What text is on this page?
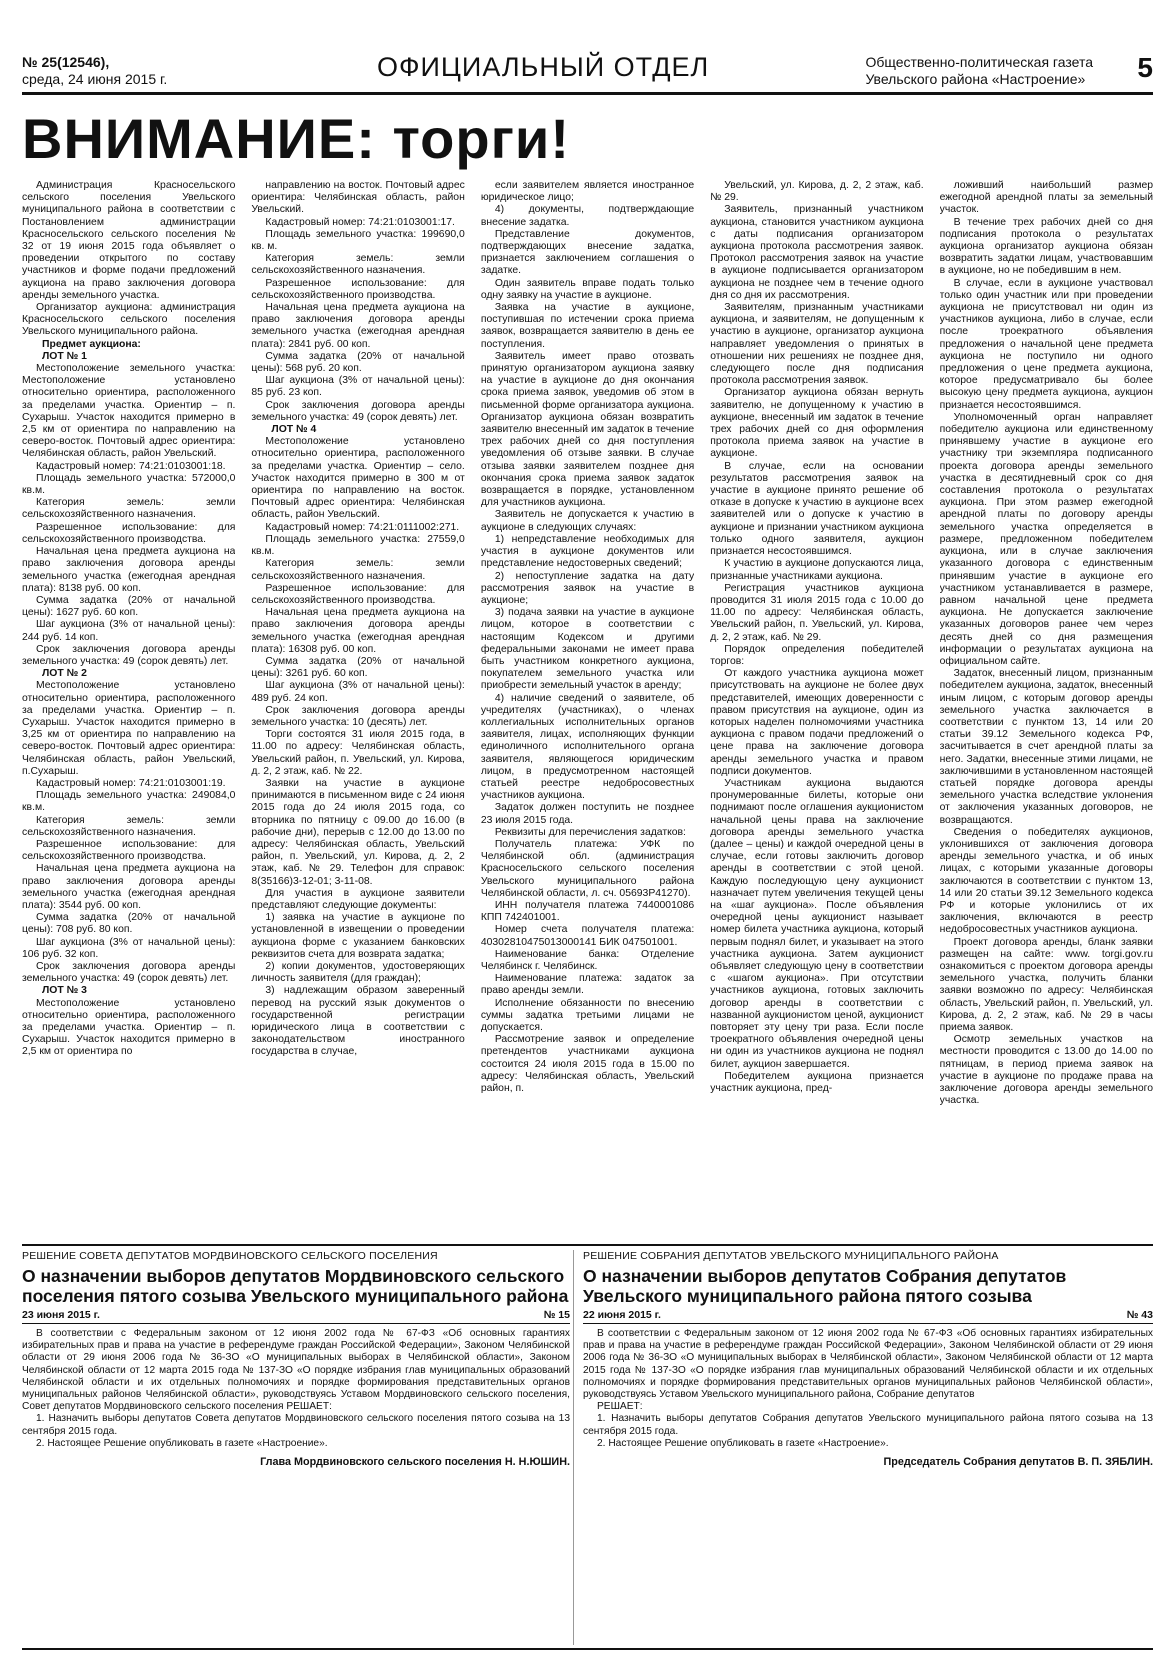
№ 25(12546),
среда, 24 июня 2015 г.	ОФИЦИАЛЬНЫЙ ОТДЕЛ	Общественно-политическая газета
Увельского района «Настроение» 5
ВНИМАНИЕ: торги!

Администрация Красносельского сельского поселения Увельского муниципального района в соответствии с Постановлением администрации Красносельского сельского поселения № 32 от 19 июня 2015 года объявляет о проведении открытого по составу участников и форме подачи предложений аукциона на право заключения договора аренды земельного участка.

Организатор аукциона: администрация Красносельского сельского поселения Увельского муниципального района.

Предмет аукциона:

ЛОТ № 1

Местоположение земельного участка: Местоположение установлено относительно ориентира, расположенного за пределами участка. Ориентир – п. Сухарыш. Участок находится примерно в 2,5 км от ориентира по направлению на северо-восток. Почтовый адрес ориентира: Челябинская область, район Увельский.

Кадастровый номер: 74:21:0103001:18.

Площадь земельного участка: 572000,0 кв.м.

Категория земель: земли сельскохозяйственного назначения.

Разрешенное использование: для сельскохозяйственного производства.

Начальная цена предмета аукциона на право заключения договора аренды земельного участка (ежегодная арендная плата): 8138 руб. 00 коп.

Сумма задатка (20% от начальной цены): 1627 руб. 60 коп.

Шаг аукциона (3% от начальной цены): 244 руб. 14 коп.

Срок заключения договора аренды земельного участка: 49 (сорок девять) лет.

ЛОТ № 2

Местоположение установлено относительно ориентира, расположенного за пределами участка. Ориентир – п. Сухарыш. Участок находится примерно в 3,25 км от ориентира по направлению на северо-восток. Почтовый адрес ориентира: Челябинская область, район Увельский, п.Сухарыш.

Кадастровый номер: 74:21:0103001:19.

Площадь земельного участка: 249084,0 кв.м.

Категория земель: земли сельскохозяйственного назначения.

Разрешенное использование: для сельскохозяйственного производства.

Начальная цена предмета аукциона на право заключения договора аренды земельного участка (ежегодная арендная плата): 3544 руб. 00 коп.

Сумма задатка (20% от начальной цены): 708 руб. 80 коп.

Шаг аукциона (3% от начальной цены): 106 руб. 32 коп.

Срок заключения договора аренды земельного участка: 49 (сорок девять) лет.

ЛОТ № 3

Местоположение установлено относительно ориентира, расположенного за пределами участка. Ориентир – п. Сухарыш. Участок находится примерно в 2,5 км от ориентира по

направлению на восток. Почтовый адрес ориентира: Челябинская область, район Увельский.

Кадастровый номер: 74:21:0103001:17.

Площадь земельного участка: 199690,0 кв. м.

Категория земель: земли сельскохозяйственного назначения.

Разрешенное использование: для сельскохозяйственного производства.

Начальная цена предмета аукциона на право заключения договора аренды земельного участка (ежегодная арендная плата): 2841 руб. 00 коп.

Сумма задатка (20% от начальной цены): 568 руб. 20 коп.

Шаг аукциона (3% от начальной цены): 85 руб. 23 коп.

Срок заключения договора аренды земельного участка: 49 (сорок девять) лет.

ЛОТ № 4

Местоположение установлено относительно ориентира, расположенного за пределами участка. Ориентир – село. Участок находится примерно в 300 м от ориентира по направлению на восток. Почтовый адрес ориентира: Челябинская область, район Увельский.

Кадастровый номер: 74:21:0111002:271.

Площадь земельного участка: 27559,0 кв.м.

Категория земель: земли сельскохозяйственного назначения.

Разрешенное использование: для сельскохозяйственного производства.

Начальная цена предмета аукциона на право заключения договора аренды земельного участка (ежегодная арендная плата): 16308 руб. 00 коп.

Сумма задатка (20% от начальной цены): 3261 руб. 60 коп.

Шаг аукциона (3% от начальной цены): 489 руб. 24 коп.

Срок заключения договора аренды земельного участка: 10 (десять) лет.

Торги состоятся 31 июля 2015 года, в 11.00 по адресу: Челябинская область, Увельский район, п. Увельский, ул. Кирова, д. 2, 2 этаж, каб. № 22.

Заявки на участие в аукционе принимаются в письменном виде с 24 июня 2015 года до 24 июля 2015 года, со вторника по пятницу с 09.00 до 16.00 (в рабочие дни), перерыв с 12.00 до 13.00 по адресу: Челябинская область, Увельский район, п. Увельский, ул. Кирова, д. 2, 2 этаж, каб. № 29. Телефон для справок: 8(35166)3-12-01; 3-11-08.

Для участия в аукционе заявители представляют следующие документы:

1) заявка на участие в аукционе по установленной в извещении о проведении аукциона форме с указанием банковских реквизитов счета для возврата задатка;

2) копии документов, удостоверяющих личность заявителя (для граждан);

3) надлежащим образом заверенный перевод на русский язык документов о государственной регистрации юридического лица в соответствии с законодательством иностранного государства в случае,

если заявителем является иностранное юридическое лицо;

4) документы, подтверждающие внесение задатка.

Представление документов, подтверждающих внесение задатка, признается заключением соглашения о задатке.

Один заявитель вправе подать только одну заявку на участие в аукционе.

Заявка на участие в аукционе, поступившая по истечении срока приема заявок, возвращается заявителю в день ее поступления.

Заявитель имеет право отозвать принятую организатором аукциона заявку на участие в аукционе до дня окончания срока приема заявок, уведомив об этом в письменной форме организатора аукциона. Организатор аукциона обязан возвратить заявителю внесенный им задаток в течение трех рабочих дней со дня поступления уведомления об отзыве заявки. В случае отзыва заявки заявителем позднее дня окончания срока приема заявок задаток возвращается в порядке, установленном для участников аукциона.

Заявитель не допускается к участию в аукционе в следующих случаях:

1) непредставление необходимых для участия в аукционе документов или представление недостоверных сведений;

2) непоступление задатка на дату рассмотрения заявок на участие в аукционе;

3) подача заявки на участие в аукционе лицом, которое в соответствии с настоящим Кодексом и другими федеральными законами не имеет права быть участником конкретного аукциона, покупателем земельного участка или приобрести земельный участок в аренду;

4) наличие сведений о заявителе, об учредителях (участниках), о членах коллегиальных исполнительных органов заявителя, лицах, исполняющих функции единоличного исполнительного органа заявителя, являющегося юридическим лицом, в предусмотренном настоящей статьей реестре недобросовестных участников аукциона.

Задаток должен поступить не позднее 23 июля 2015 года.

Реквизиты для перечисления задатков:

Получатель платежа: УФК по Челябинской обл. (администрация Красносельского сельского поселения Увельского муниципального района Челябинской области, л. сч. 05693Р41270).

ИНН получателя платежа 7440001086 КПП 742401001.

Номер счета получателя платежа: 40302810475013000141 БИК 047501001.

Наименование банка: Отделение Челябинск г. Челябинск.

Наименование платежа: задаток за право аренды земли.

Исполнение обязанности по внесению суммы задатка третьими лицами не допускается.

Рассмотрение заявок и определение претендентов участниками аукциона состоится 24 июля 2015 года в 15.00 по адресу: Челябинская область, Увельский район, п.

Увельский, ул. Кирова, д. 2, 2 этаж, каб. № 29.

Заявитель, признанный участником аукциона, становится участником аукциона с даты подписания организатором аукциона протокола рассмотрения заявок. Протокол рассмотрения заявок на участие в аукционе подписывается организатором аукциона не позднее чем в течение одного дня со дня их рассмотрения.

Заявителям, признанным участниками аукциона, и заявителям, не допущенным к участию в аукционе, организатор аукциона направляет уведомления о принятых в отношении них решениях не позднее дня, следующего после дня подписания протокола рассмотрения заявок.

Организатор аукциона обязан вернуть заявителю, не допущенному к участию в аукционе, внесенный им задаток в течение трех рабочих дней со дня оформления протокола приема заявок на участие в аукционе.

В случае, если на основании результатов рассмотрения заявок на участие в аукционе принято решение об отказе в допуске к участию в аукционе всех заявителей или о допуске к участию в аукционе и признании участником аукциона только одного заявителя, аукцион признается несостоявшимся.

К участию в аукционе допускаются лица, признанные участниками аукциона.

Регистрация участников аукциона проводится 31 июля 2015 года с 10.00 до 11.00 по адресу: Челябинская область, Увельский район, п. Увельский, ул. Кирова, д. 2, 2 этаж, каб. № 29.

Порядок определения победителей торгов:

От каждого участника аукциона может присутствовать на аукционе не более двух представителей, имеющих доверенности с правом присутствия на аукционе, один из которых наделен полномочиями участника аукциона с правом подачи предложений о цене права на заключение договора аренды земельного участка и правом подписи документов.

Участникам аукциона выдаются пронумерованные билеты, которые они поднимают после оглашения аукционистом начальной цены права на заключение договора аренды земельного участка (далее – цены) и каждой очередной цены в случае, если готовы заключить договор аренды в соответствии с этой ценой. Каждую последующую цену аукционист назначает путем увеличения текущей цены на «шаг аукциона». После объявления очередной цены аукционист называет номер билета участника аукциона, который первым поднял билет, и указывает на этого участника аукциона. Затем аукционист объявляет следующую цену в соответствии с «шагом аукциона». При отсутствии участников аукциона, готовых заключить договор аренды в соответствии с названной аукционистом ценой, аукционист повторяет эту цену три раза. Если после троекратного объявления очередной цены ни один из участников аукциона не поднял билет, аукцион завершается.

Победителем аукциона признается участник аукциона, пред-

ложивший наибольший размер ежегодной арендной платы за земельный участок.

В течение трех рабочих дней со дня подписания протокола о результатах аукциона организатор аукциона обязан возвратить задатки лицам, участвовавшим в аукционе, но не победившим в нем.

В случае, если в аукционе участвовал только один участник или при проведении аукциона не присутствовал ни один из участников аукциона, либо в случае, если после троекратного объявления предложения о начальной цене предмета аукциона не поступило ни одного предложения о цене предмета аукциона, которое предусматривало бы более высокую цену предмета аукциона, аукцион признается несостоявшимся.

Уполномоченный орган направляет победителю аукциона или единственному принявшему участие в аукционе его участнику три экземпляра подписанного проекта договора аренды земельного участка в десятидневный срок со дня составления протокола о результатах аукциона. При этом размер ежегодной арендной платы по договору аренды земельного участка определяется в размере, предложенном победителем аукциона, или в случае заключения указанного договора с единственным принявшим участие в аукционе его участником устанавливается в размере, равном начальной цене предмета аукциона. Не допускается заключение указанных договоров ранее чем через десять дней со дня размещения информации о результатах аукциона на официальном сайте.

Задаток, внесенный лицом, признанным победителем аукциона, задаток, внесенный иным лицом, с которым договор аренды земельного участка заключается в соответствии с пунктом 13, 14 или 20 статьи 39.12 Земельного кодекса РФ, засчитывается в счет арендной платы за него. Задатки, внесенные этими лицами, не заключившими в установленном настоящей статьей порядке договора аренды земельного участка вследствие уклонения от заключения указанных договоров, не возвращаются.

Сведения о победителях аукционов, уклонившихся от заключения договора аренды земельного участка, и об иных лицах, с которыми указанные договоры заключаются в соответствии с пунктом 13, 14 или 20 статьи 39.12 Земельного кодекса РФ и которые уклонились от их заключения, включаются в реестр недобросовестных участников аукциона.

Проект договора аренды, бланк заявки размещен на сайте: www. torgi.gov.ru ознакомиться с проектом договора аренды земельного участка, получить бланки заявки возможно по адресу: Челябинская область, Увельский район, п. Увельский, ул. Кирова, д. 2, 2 этаж, каб. № 29 в часы приема заявок.

Осмотр земельных участков на местности проводится с 13.00 до 14.00 по пятницам, в период приема заявок на участие в аукционе по продаже права на заключение договора аренды земельного участка.

РЕШЕНИЕ СОВЕТА ДЕПУТАТОВ МОРДВИНОВСКОГО СЕЛЬСКОГО ПОСЕЛЕНИЯ
О назначении выборов депутатов Мордвиновского сельского поселения пятого созыва Увельского муниципального района
23 июня 2015 г.	№ 15

В соответствии с Федеральным законом от 12 июня 2002 года № 67-ФЗ «Об основных гарантиях избирательных прав и права на участие в референдуме граждан Российской Федерации», Законом Челябинской области от 29 июня 2006 года № 36-ЗО «О муниципальных выборах в Челябинской области», Законом Челябинской области от 12 марта 2015 года № 137-ЗО «О порядке избрания глав муниципальных образований Челябинской области и их отдельных полномочиях и порядке формирования представительных органов муниципальных районов Челябинской области», руководствуясь Уставом Мордвиновского сельского поселения, Совет депутатов Мордвиновского сельского поселения РЕШАЕТ:

1. Назначить выборы депутатов Совета депутатов Мордвиновского сельского поселения пятого созыва на 13 сентября 2015 года.

2. Настоящее Решение опубликовать в газете «Настроение».

Глава Мордвиновского сельского поселения Н. Н.ЮШИН.
РЕШЕНИЕ СОБРАНИЯ ДЕПУТАТОВ УВЕЛЬСКОГО МУНИЦИПАЛЬНОГО РАЙОНА
О назначении выборов депутатов Собрания депутатов Увельского муниципального района пятого созыва
22 июня 2015 г.	№ 43

В соответствии с Федеральным законом от 12 июня 2002 года № 67-ФЗ «Об основных гарантиях избирательных прав и права на участие в референдуме граждан Российской Федерации», Законом Челябинской области от 29 июня 2006 года № 36-ЗО «О муниципальных выборах в Челябинской области», Законом Челябинской области от 12 марта 2015 года № 137-ЗО «О порядке избрания глав муниципальных образований Челябинской области и их отдельных полномочиях и порядке формирования представительных органов муниципальных районов Челябинской области», руководствуясь Уставом Увельского муниципального района, Собрание депутатов

РЕШАЕТ:

1. Назначить выборы депутатов Собрания депутатов Увельского муниципального района пятого созыва на 13 сентября 2015 года.

2. Настоящее Решение опубликовать в газете «Настроение».

Председатель Собрания депутатов В. П. ЗЯБЛИН.
